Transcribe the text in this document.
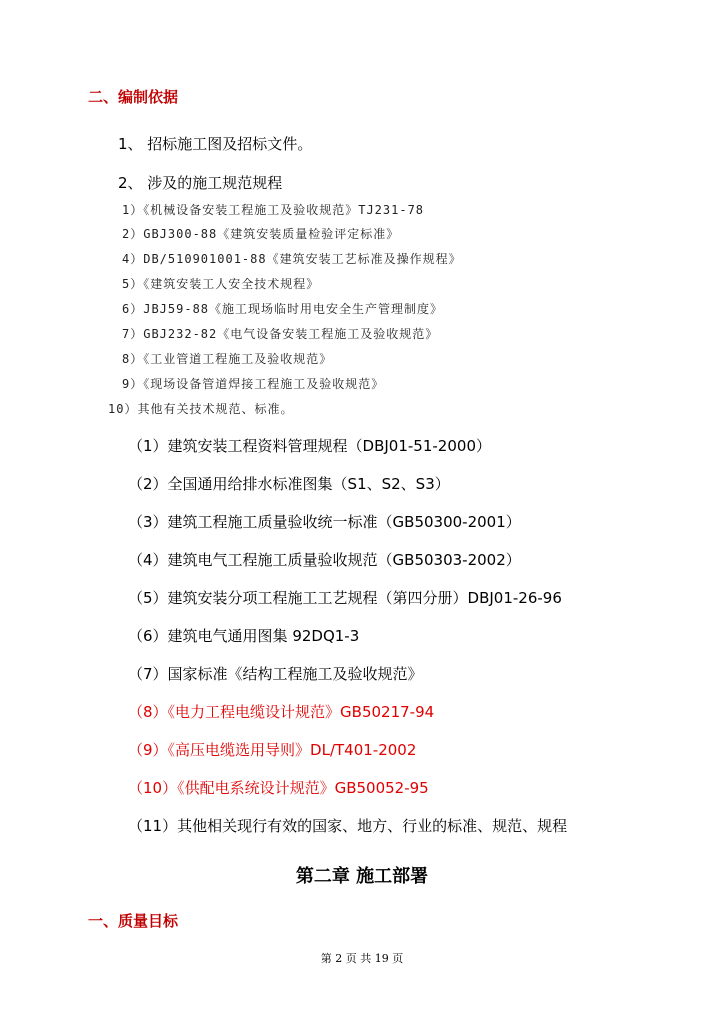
二、编制依据
1、 招标施工图及招标文件。
2、 涉及的施工规范规程
1）《机械设备安装工程施工及验收规范》TJ231-78
2）GBJ300-88《建筑安装质量检验评定标准》
4）DB/510901001-88《建筑安装工艺标准及操作规程》
5）《建筑安装工人安全技术规程》
6）JBJ59-88《施工现场临时用电安全生产管理制度》
7）GBJ232-82《电气设备安装工程施工及验收规范》
8）《工业管道工程施工及验收规范》
9）《现场设备管道焊接工程施工及验收规范》
10）其他有关技术规范、标准。
（1）建筑安装工程资料管理规程（DBJ01-51-2000）
（2）全国通用给排水标准图集（S1、S2、S3）
（3）建筑工程施工质量验收统一标准（GB50300-2001）
（4）建筑电气工程施工质量验收规范（GB50303-2002）
（5）建筑安装分项工程施工工艺规程（第四分册）DBJ01-26-96
（6）建筑电气通用图集 92DQ1-3
（7）国家标准《结构工程施工及验收规范》
（8）《电力工程电缆设计规范》GB50217-94
（9）《高压电缆选用导则》DL/T401-2002
（10）《供配电系统设计规范》GB50052-95
（11）其他相关现行有效的国家、地方、行业的标准、规范、规程
第二章 施工部署
一、质量目标
第 2 页 共 19 页
